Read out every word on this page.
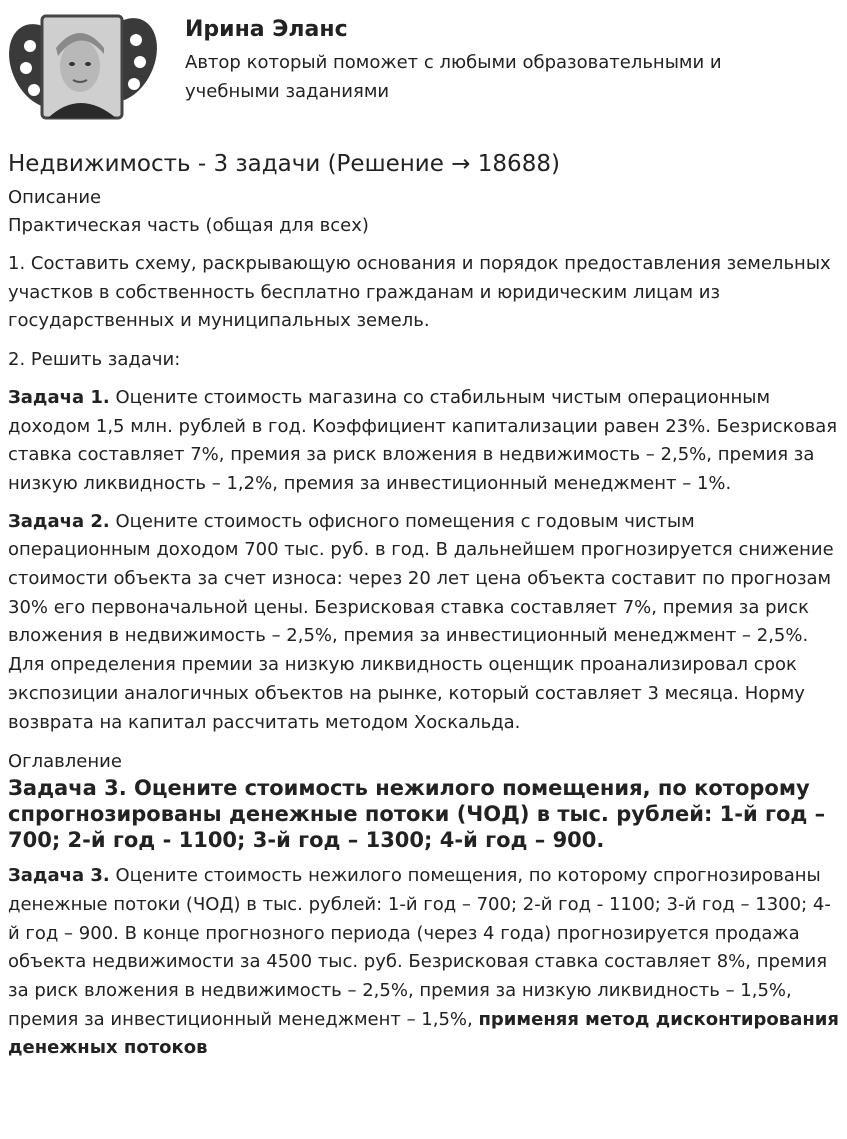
Ирина Эланс
Автор который поможет с любыми образовательными и учебными заданиями
Недвижимость - 3 задачи (Решение → 18688)
Описание
Практическая часть (общая для всех)

1. Составить схему, раскрывающую основания и порядок предоставления земельных участков в собственность бесплатно гражданам и юридическим лицам из государственных и муниципальных земель.

2. Решить задачи:

Задача 1. Оцените стоимость магазина со стабильным чистым операционным доходом 1,5 млн. рублей в год. Коэффициент капитализации равен 23%. Безрисковая ставка составляет 7%, премия за риск вложения в недвижимость – 2,5%, премия за низкую ликвидность – 1,2%, премия за инвестиционный менеджмент – 1%.

Задача 2. Оцените стоимость офисного помещения с годовым чистым операционным доходом 700 тыс. руб. в год. В дальнейшем прогнозируется снижение стоимости объекта за счет износа: через 20 лет цена объекта составит по прогнозам 30% его первоначальной цены. Безрисковая ставка составляет 7%, премия за риск вложения в недвижимость – 2,5%, премия за инвестиционный менеджмент – 2,5%. Для определения премии за низкую ликвидность оценщик проанализировал срок экспозиции аналогичных объектов на рынке, который составляет 3 месяца. Норму возврата на капитал рассчитать методом Хоскальда.

Оглавление
Задача 3. Оцените стоимость нежилого помещения, по которому спрогнозированы денежные потоки (ЧОД) в тыс. рублей: 1-й год – 700; 2-й год - 1100; 3-й год – 1300; 4-й год – 900.

Задача 3. Оцените стоимость нежилого помещения, по которому спрогнозированы денежные потоки (ЧОД) в тыс. рублей: 1-й год – 700; 2-й год - 1100; 3-й год – 1300; 4-й год – 900. В конце прогнозного периода (через 4 года) прогнозируется продажа объекта недвижимости за 4500 тыс. руб. Безрисковая ставка составляет 8%, премия за риск вложения в недвижимость – 2,5%, премия за низкую ликвидность – 1,5%, премия за инвестиционный менеджмент – 1,5%, применяя метод дисконтирования денежных потоков
